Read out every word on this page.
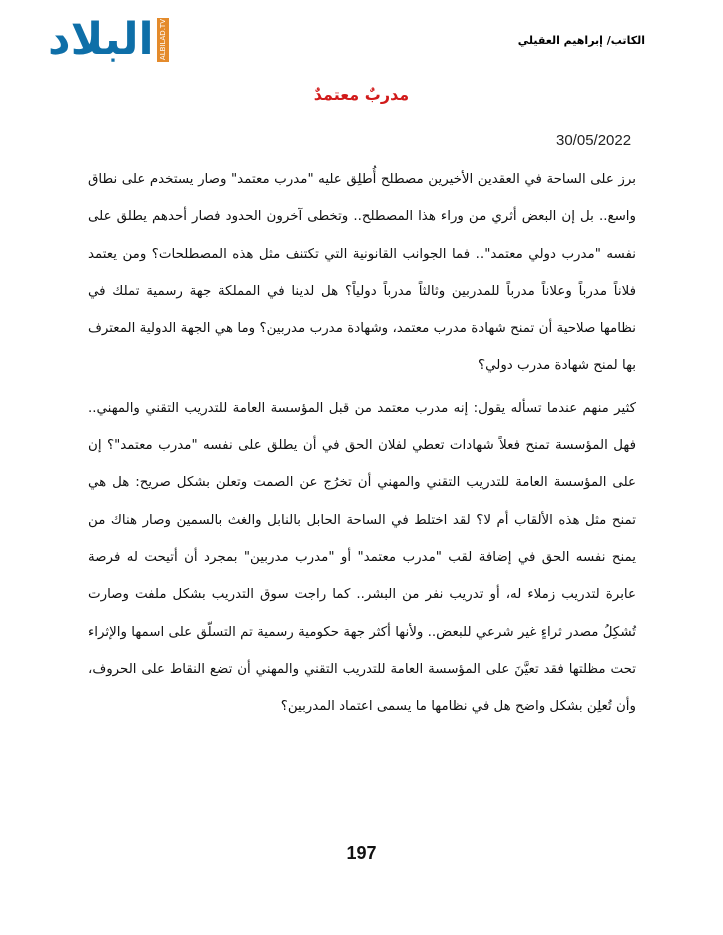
البلاد ALBILAD.TV	الكاتب/ إبراهيم العقيلي
مدربٌ معتمدٌ
30/05/2022

برز على الساحة في العقدين الأخيرين مصطلح أُطلِق عليه "مدرب معتمد" وصار يستخدم على نطاق واسع.. بل إن البعض أثري من وراء هذا المصطلح.. وتخطى آخرون الحدود فصار أحدهم يطلق على نفسه "مدرب دولي معتمد".. فما الجوانب القانونية التي تكتنف مثل هذه المصطلحات؟ ومن يعتمد فلاناً مدرباً وعلاناً مدرباً للمدربين وثالثاً مدرباً دولياً؟ هل لدينا في المملكة جهة رسمية تملك في نظامها صلاحية أن تمنح شهادة مدرب معتمد، وشهادة مدرب مدربين؟ وما هي الجهة الدولية المعترف بها لمنح شهادة مدرب دولي؟

كثير منهم عندما تسأله يقول: إنه مدرب معتمد من قبل المؤسسة العامة للتدريب التقني والمهني.. فهل المؤسسة تمنح فعلاً شهادات تعطي لفلان الحق في أن يطلق على نفسه "مدرب معتمد"؟ إن على المؤسسة العامة للتدريب التقني والمهني أن تخرُج عن الصمت وتعلن بشكل صريح: هل هي تمنح مثل هذه الألقاب أم لا؟ لقد اختلط في الساحة الحابل بالنابل والغث بالسمين وصار هناك من يمنح نفسه الحق في إضافة لقب "مدرب معتمد" أو "مدرب مدربين" بمجرد أن أتيحت له فرصة عابرة لتدريب زملاء له، أو تدريب نفر من البشر.. كما راجت سوق التدريب بشكل ملفت وصارت تُشكِلُ مصدر ثراءٍ غير شرعي للبعض.. ولأنها أكثر جهة حكومية رسمية تم التسلّق على اسمها والإثراء تحت مظلتها فقد تعيَّنَ على المؤسسة العامة للتدريب التقني والمهني أن تضع النقاط على الحروف، وأن تُعلِن بشكل واضح هل في نظامها ما يسمى اعتماد المدربين؟

197
